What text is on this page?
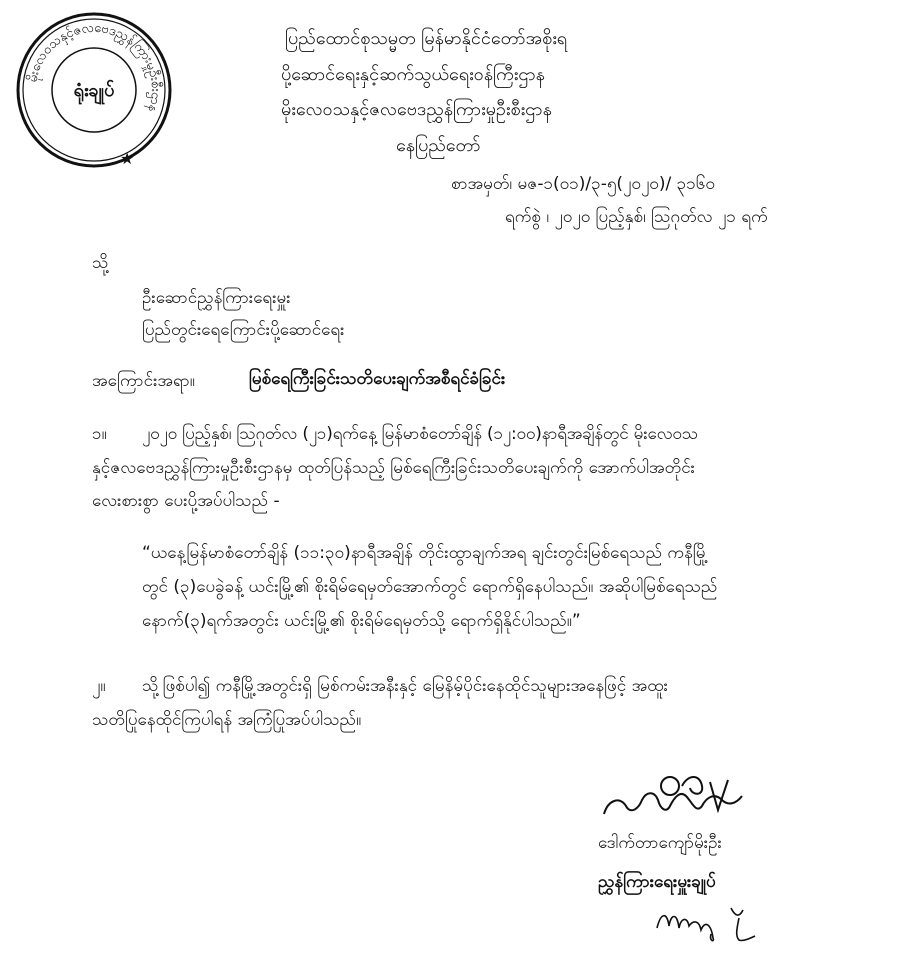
မိုးလေဝသနှင့်ဇလဗေဒညွှန်ကြားမှုဦးစီးဌာန
ရုံးချုပ်
★
ပြည်ထောင်စုသမ္မတ မြန်မာနိုင်ငံတော်အစိုးရ
ပို့ဆောင်ရေးနှင့်ဆက်သွယ်ရေးဝန်ကြီးဌာန
မိုးလေဝသနှင့်ဇလဗေဒညွှန်ကြားမှုဦးစီးဌာန
နေပြည်တော်
စာအမှတ်၊ မဇ-၁(၀၁)/၃-၅(၂၀၂၀)/ ၃၁၆၀
ရက်စွဲ ၊ ၂၀၂၀ ပြည့်နှစ်၊ ဩဂုတ်လ ၂၁ ရက်
သို့
ဦးဆောင်ညွှန်ကြားရေးမှူး
ပြည်တွင်းရေကြောင်းပို့ဆောင်ရေး
အကြောင်းအရာ။	မြစ်ရေကြီးခြင်းသတိပေးချက်အစီရင်ခံခြင်း
၁။ ၂၀၂၀ ပြည့်နှစ်၊ ဩဂုတ်လ (၂၁)ရက်နေ့ မြန်မာစံတော်ချိန် (၁၂:၀၀)နာရီအချိန်တွင် မိုးလေဝသ
နှင့်ဇလဗေဒညွှန်ကြားမှုဦးစီးဌာနမှ ထုတ်ပြန်သည့် မြစ်ရေကြီးခြင်းသတိပေးချက်ကို အောက်ပါအတိုင်း
လေးစားစွာ ပေးပို့အပ်ပါသည် -
“ယနေ့မြန်မာစံတော်ချိန် (၁၁:၃၀)နာရီအချိန် တိုင်းထွာချက်အရ ချင်းတွင်းမြစ်ရေသည် ကနီမြို့
တွင် (၃)ပေခွဲခန့် ယင်းမြို့၏ စိုးရိမ်ရေမှတ်အောက်တွင် ရောက်ရှိနေပါသည်။ အဆိုပါမြစ်ရေသည်
နောက်(၃)ရက်အတွင်း ယင်းမြို့၏ စိုးရိမ်ရေမှတ်သို့ ရောက်ရှိနိုင်ပါသည်။”
၂။ သို့ဖြစ်ပါ၍ ကနီမြို့အတွင်းရှိ မြစ်ကမ်းအနီးနှင့် မြေနိမ့်ပိုင်းနေထိုင်သူများအနေဖြင့် အထူး
သတိပြုနေထိုင်ကြပါရန် အကြံပြုအပ်ပါသည်။
ဒေါက်တာကျော်မိုးဦး
ညွှန်ကြားရေးမှူးချုပ်
